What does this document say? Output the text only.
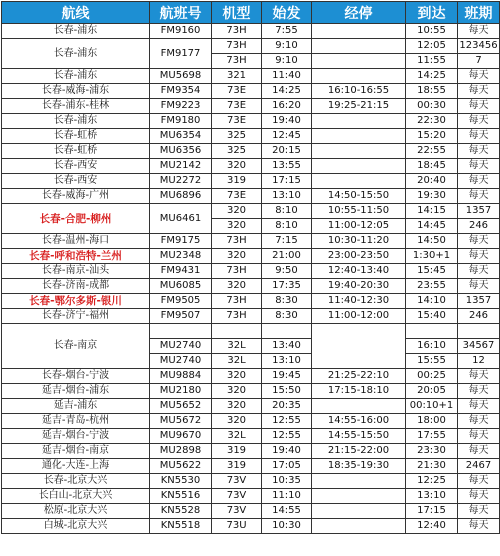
航线	航班号	机型	始发	经停	到达	班期
长春-浦东	FM9160	73H	7:55		10:55	每天
长春-浦东	FM9177	73H	9:10		12:05	123456
		73H	9:10		11:55	7
长春-浦东	MU5698	321	11:40		14:25	每天
长春-威海-浦东	FM9354	73E	14:25	16:10-16:55	18:55	每天
长春-浦东-桂林	FM9223	73E	16:20	19:25-21:15	00:30	每天
长春-浦东	FM9180	73E	19:40		22:30	每天
长春-虹桥	MU6354	325	12:45		15:20	每天
长春-虹桥	MU6356	325	20:15		22:55	每天
长春-西安	MU2142	320	13:55		18:45	每天
长春-西安	MU2272	319	17:15		20:40	每天
长春-威海-广州	MU6896	73E	13:10	14:50-15:50	19:30	每天
长春-合肥-柳州	MU6461	320	8:10	10:55-11:50	14:15	1357
		320	8:10	11:00-12:05	14:45	246
长春-温州-海口	FM9175	73H	7:15	10:30-11:20	14:50	每天
长春-呼和浩特-兰州	MU2348	320	21:00	23:00-23:50	1:30+1	每天
长春-南京-汕头	FM9431	73H	9:50	12:40-13:40	15:45	每天
长春-济南-成都	MU6085	320	17:35	19:40-20:30	23:55	每天
长春-鄂尔多斯-银川	FM9505	73H	8:30	11:40-12:30	14:10	1357
长春-济宁-福州	FM9507	73H	8:30	11:00-12:00	15:40	246
长春-南京						
	MU2740	32L	13:40		16:10	34567
	MU2740	32L	13:10		15:55	12
长春-烟台-宁波	MU9884	320	19:45	21:25-22:10	00:25	每天
延吉-烟台-浦东	MU2180	320	15:50	17:15-18:10	20:05	每天
延吉-浦东	MU5652	320	20:35		00:10+1	每天
延吉-青岛-杭州	MU5672	320	12:55	14:55-16:00	18:00	每天
延吉-烟台-宁波	MU9670	32L	12:55	14:55-15:50	17:55	每天
延吉-烟台-南京	MU2898	319	19:40	21:15-22:00	23:30	每天
通化-大连-上海	MU5622	319	17:05	18:35-19:30	21:30	2467
长春-北京大兴	KN5530	73V	10:35		12:25	每天
长白山-北京大兴	KN5516	73V	11:10		13:10	每天
松原-北京大兴	KN5528	73V	14:55		17:15	每天
白城-北京大兴	KN5518	73U	10:30		12:40	每天
